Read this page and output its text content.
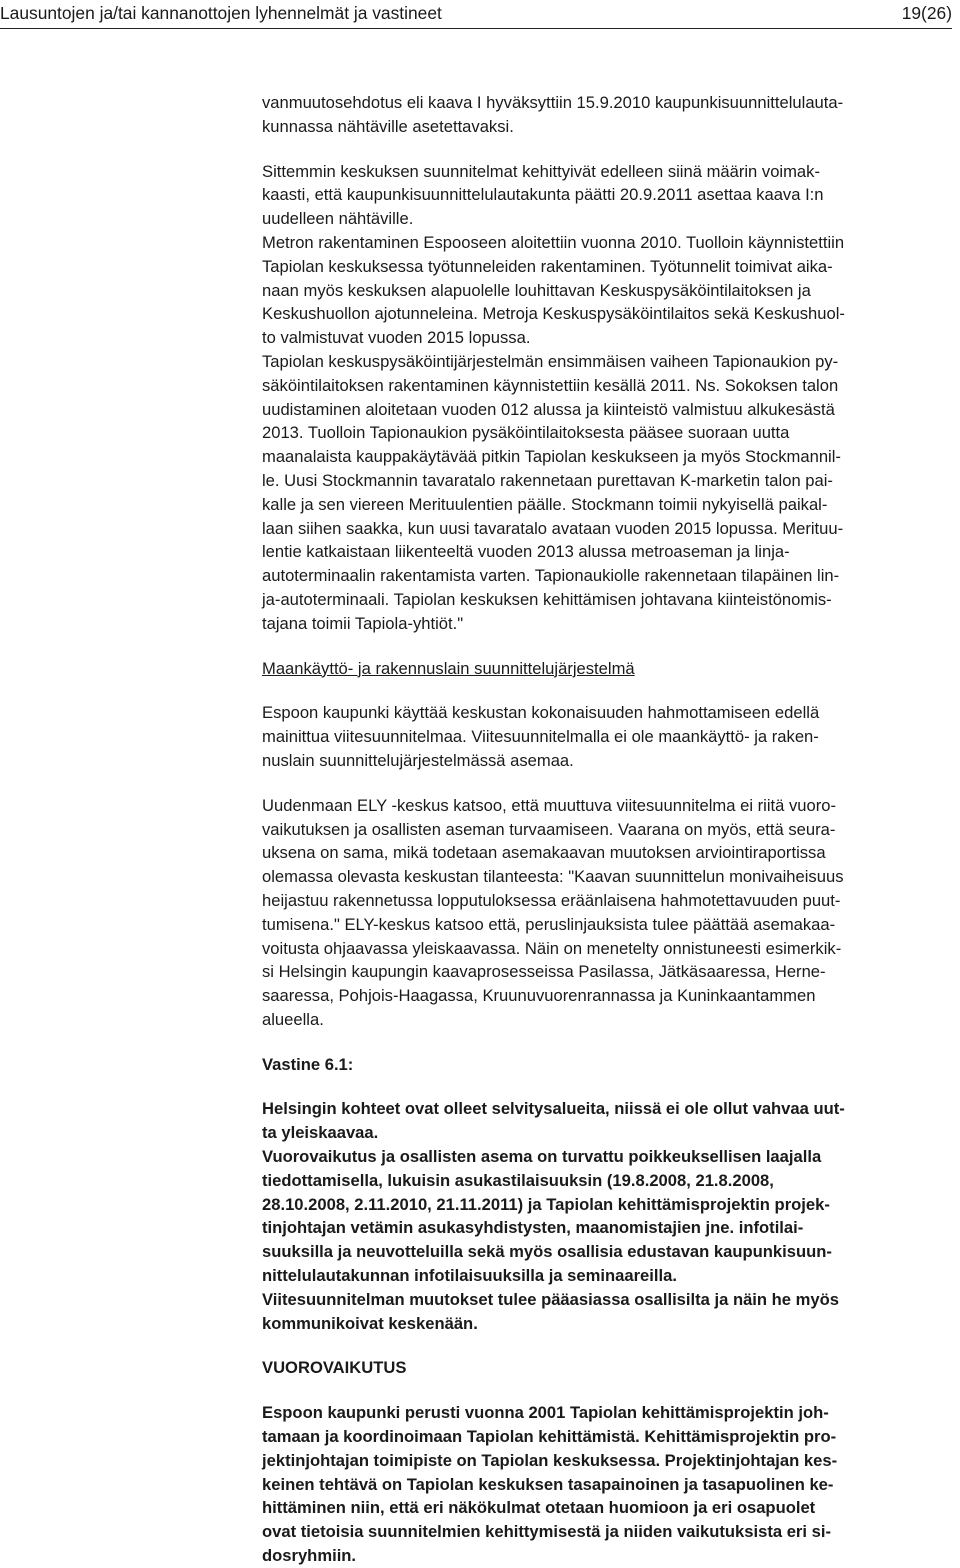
Lausuntojen ja/tai kannanottojen lyhennelmät ja vastineet	19(26)

vanmuutosehdotus eli kaava I hyväksyttiin 15.9.2010 kaupunkisuunnittelulauta-
kunnassa nähtäville asetettavaksi.

Sittemmin keskuksen suunnitelmat kehittyivät edelleen siinä määrin voimak-
kaasti, että kaupunkisuunnittelulautakunta päätti 20.9.2011 asettaa kaava I:n
uudelleen nähtäville.
Metron rakentaminen Espooseen aloitettiin vuonna 2010. Tuolloin käynnistettiin
Tapiolan keskuksessa työtunneleiden rakentaminen. Työtunnelit toimivat aika-
naan myös keskuksen alapuolelle louhittavan Keskuspysäköintilaitoksen ja
Keskushuollon ajotunneleina. Metroja Keskuspysäköintilaitos sekä Keskushuol-
to valmistuvat vuoden 2015 lopussa.
Tapiolan keskuspysäköintijärjestelmän ensimmäisen vaiheen Tapionaukion py-
säköintilaitoksen rakentaminen käynnistettiin kesällä 2011. Ns. Sokoksen talon
uudistaminen aloitetaan vuoden 012 alussa ja kiinteistö valmistuu alkukesästä
2013. Tuolloin Tapionaukion pysäköintilaitoksesta pääsee suoraan uutta
maanalaista kauppakäytävää pitkin Tapiolan keskukseen ja myös Stockmannil-
le. Uusi Stockmannin tavaratalo rakennetaan purettavan K-marketin talon pai-
kalle ja sen viereen Merituulentien päälle. Stockmann toimii nykyisellä paikal-
laan siihen saakka, kun uusi tavaratalo avataan vuoden 2015 lopussa. Merituu-
lentie katkaistaan liikenteeltä vuoden 2013 alussa metroaseman ja linja-
autoterminaalin rakentamista varten. Tapionaukiolle rakennetaan tilapäinen lin-
ja-autoterminaali. Tapiolan keskuksen kehittämisen johtavana kiinteistönomis-
tajana toimii Tapiola-yhtiöt."

Maankäyttö- ja rakennuslain suunnittelujärjestelmä

Espoon kaupunki käyttää keskustan kokonaisuuden hahmottamiseen edellä
mainittua viitesuunnitelmaa. Viitesuunnitelmalla ei ole maankäyttö- ja raken-
nuslain suunnittelujärjestelmässä asemaa.

Uudenmaan ELY -keskus katsoo, että muuttuva viitesuunnitelma ei riitä vuoro-
vaikutuksen ja osallisten aseman turvaamiseen. Vaarana on myös, että seura-
uksena on sama, mikä todetaan asemakaavan muutoksen arviointiraportissa
olemassa olevasta keskustan tilanteesta: "Kaavan suunnittelun monivaiheisuus
heijastuu rakennetussa lopputuloksessa eräänlaisena hahmotettavuuden puut-
tumisena." ELY-keskus katsoo että, peruslinjauksista tulee päättää asemakaa-
voitusta ohjaavassa yleiskaavassa. Näin on menetelty onnistuneesti esimerkik-
si Helsingin kaupungin kaavaprosesseissa Pasilassa, Jätkäsaaressa, Herne-
saaressa, Pohjois-Haagassa, Kruunuvuorenrannassa ja Kuninkaantammen
alueella.

Vastine 6.1:

Helsingin kohteet ovat olleet selvitysalueita, niissä ei ole ollut vahvaa uut-
ta yleiskaavaa.
Vuorovaikutus ja osallisten asema on turvattu poikkeuksellisen laajalla
tiedottamisella, lukuisin asukastilaisuuksin (19.8.2008, 21.8.2008,
28.10.2008, 2.11.2010, 21.11.2011) ja Tapiolan kehittämisprojektin projek-
tinjohtajan vetämin asukasyhdistysten, maanomistajien jne. infotilai-
suuksilla ja neuvotteluilla sekä myös osallisia edustavan kaupunkisuun-
nittelulautakunnan infotilaisuuksilla ja seminaareilla.
Viitesuunnitelman muutokset tulee pääasiassa osallisilta ja näin he myös
kommunikoivat keskenään.

VUOROVAIKUTUS

Espoon kaupunki perusti vuonna 2001 Tapiolan kehittämisprojektin joh-
tamaan ja koordinoimaan Tapiolan kehittämistä. Kehittämisprojektin pro-
jektinjohtajan toimipiste on Tapiolan keskuksessa. Projektinjohtajan kes-
keinen tehtävä on Tapiolan keskuksen tasapainoinen ja tasapuolinen ke-
hittäminen niin, että eri näkökulmat otetaan huomioon ja eri osapuolet
ovat tietoisia suunnitelmien kehittymisestä ja niiden vaikutuksista eri si-
dosryhmiin.
